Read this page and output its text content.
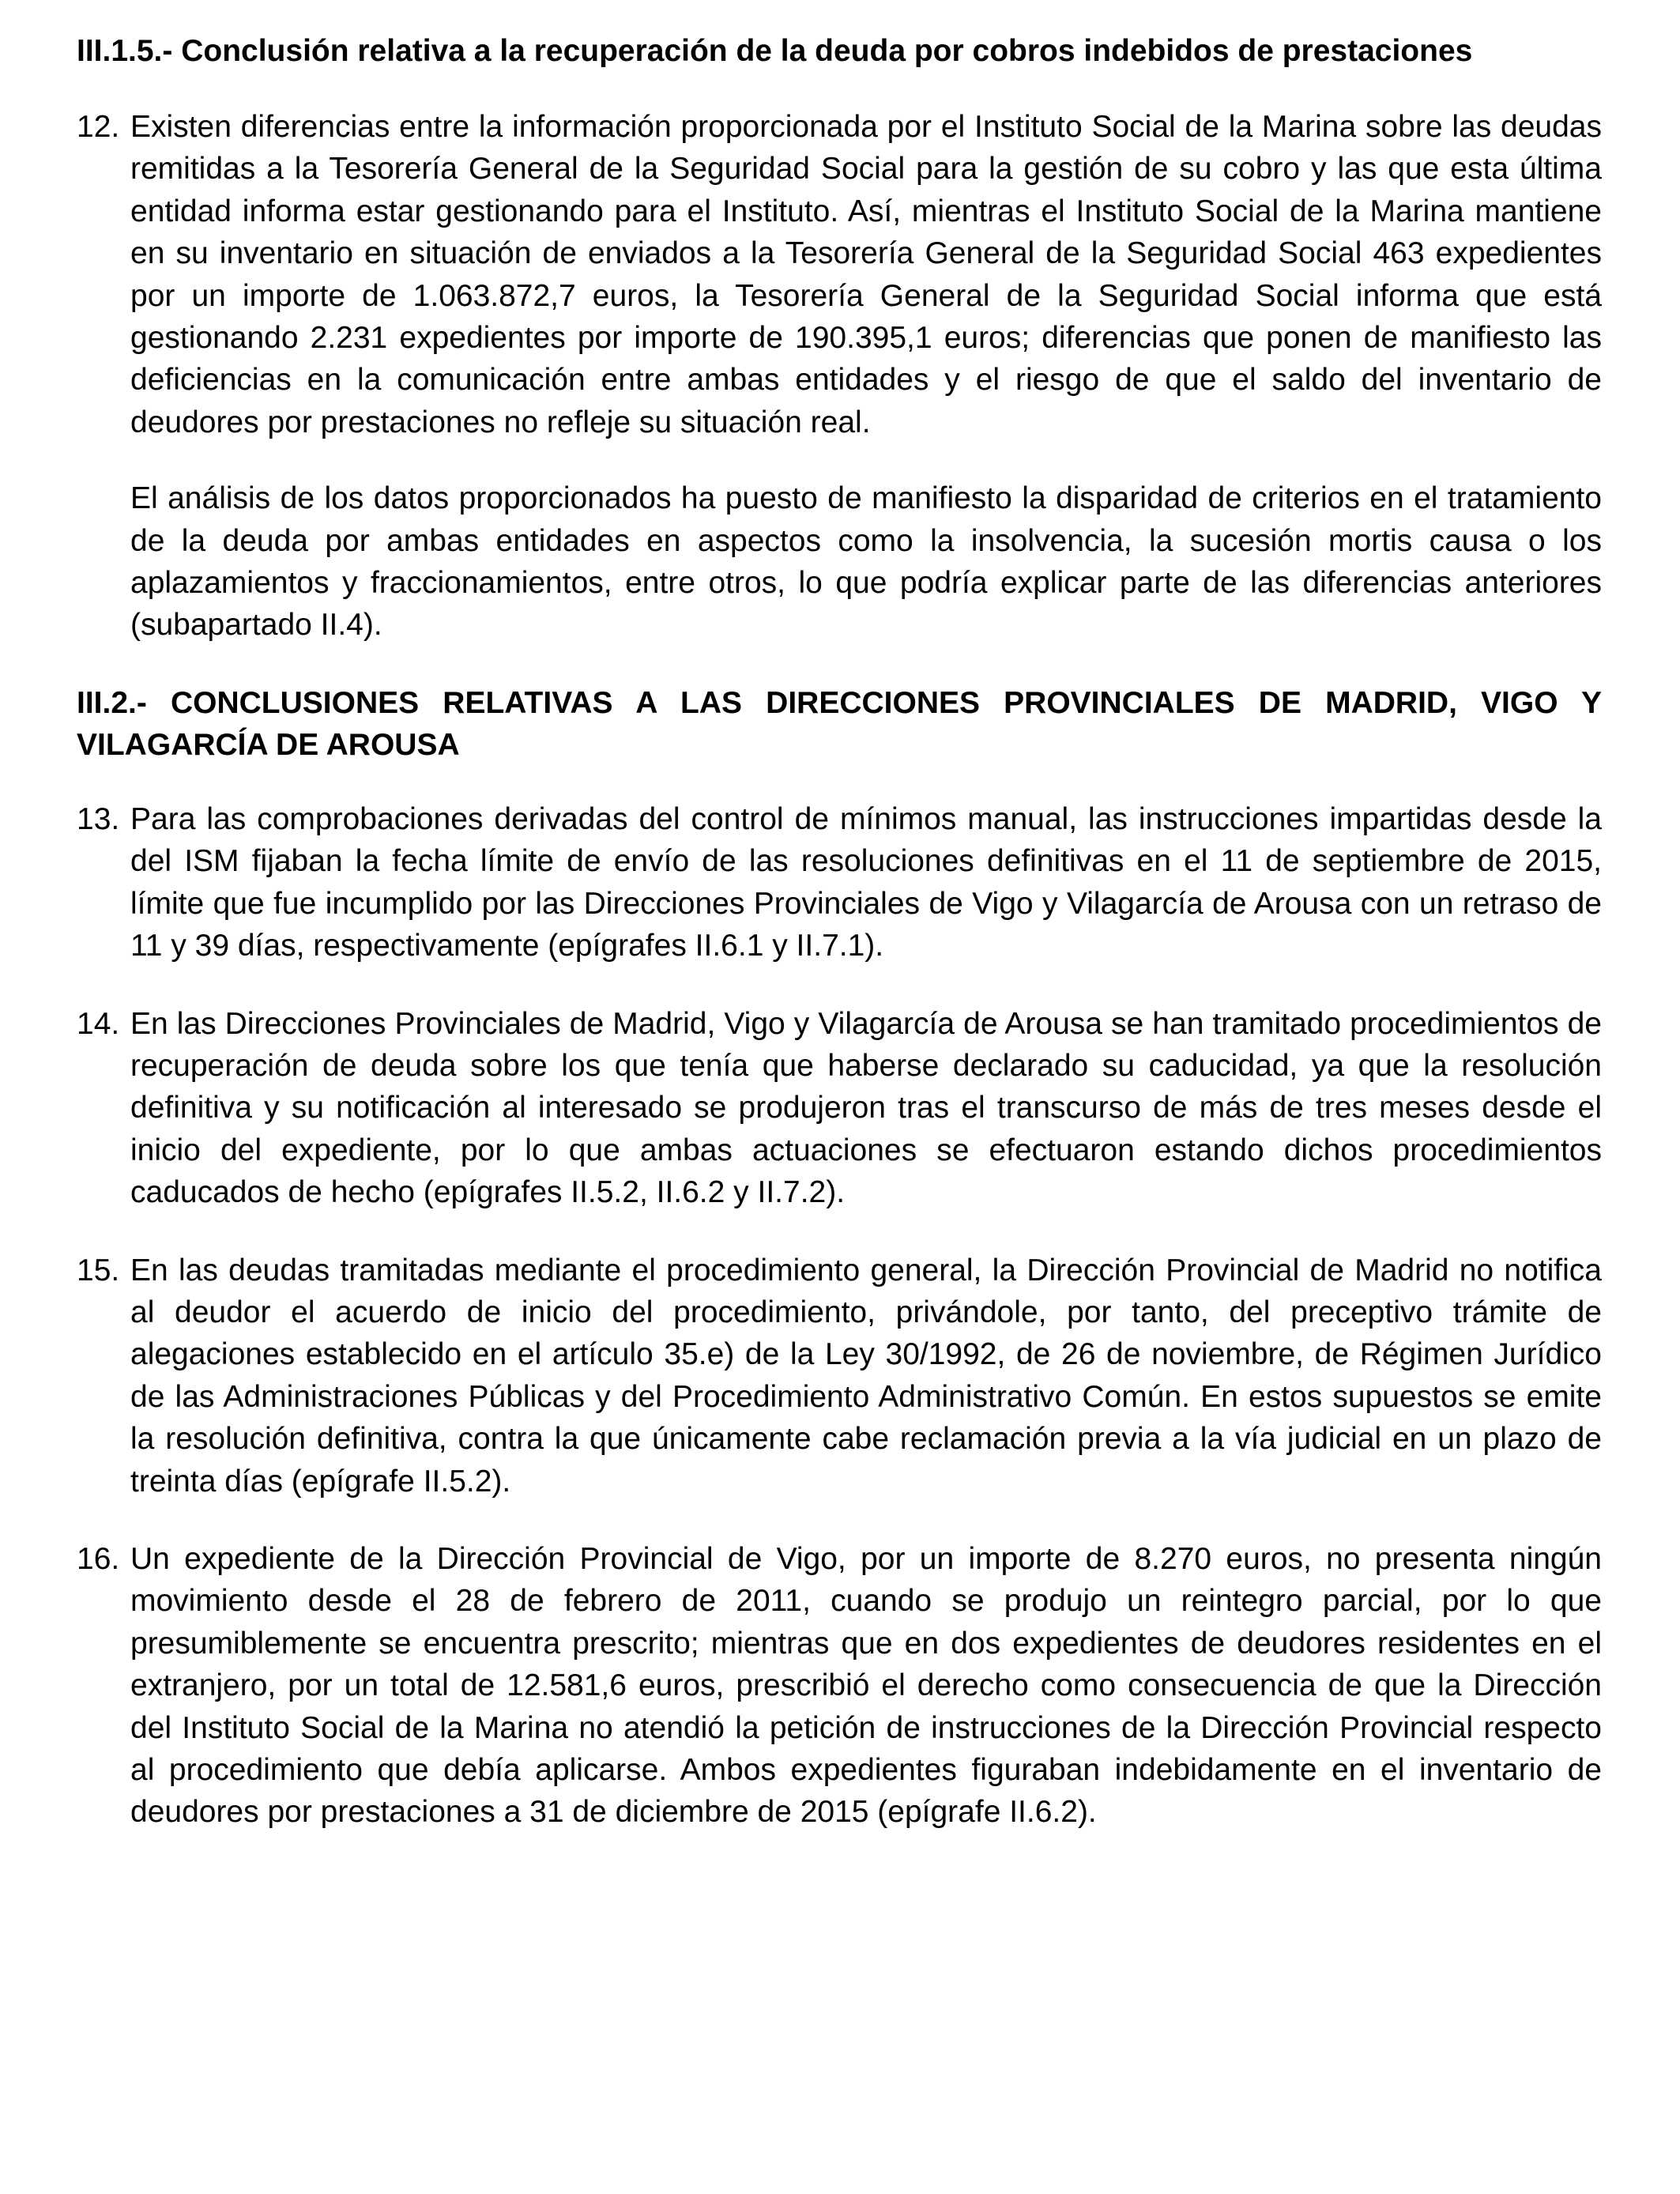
III.1.5.- Conclusión relativa a la recuperación de la deuda por cobros indebidos de prestaciones
12. Existen diferencias entre la información proporcionada por el Instituto Social de la Marina sobre las deudas remitidas a la Tesorería General de la Seguridad Social para la gestión de su cobro y las que esta última entidad informa estar gestionando para el Instituto. Así, mientras el Instituto Social de la Marina mantiene en su inventario en situación de enviados a la Tesorería General de la Seguridad Social 463 expedientes por un importe de 1.063.872,7 euros, la Tesorería General de la Seguridad Social informa que está gestionando 2.231 expedientes por importe de 190.395,1 euros; diferencias que ponen de manifiesto las deficiencias en la comunicación entre ambas entidades y el riesgo de que el saldo del inventario de deudores por prestaciones no refleje su situación real.

El análisis de los datos proporcionados ha puesto de manifiesto la disparidad de criterios en el tratamiento de la deuda por ambas entidades en aspectos como la insolvencia, la sucesión mortis causa o los aplazamientos y fraccionamientos, entre otros, lo que podría explicar parte de las diferencias anteriores (subapartado II.4).

III.2.- CONCLUSIONES RELATIVAS A LAS DIRECCIONES PROVINCIALES DE MADRID, VIGO Y VILAGARCÍA DE AROUSA
13. Para las comprobaciones derivadas del control de mínimos manual, las instrucciones impartidas desde la del ISM fijaban la fecha límite de envío de las resoluciones definitivas en el 11 de septiembre de 2015, límite que fue incumplido por las Direcciones Provinciales de Vigo y Vilagarcía de Arousa con un retraso de 11 y 39 días, respectivamente (epígrafes II.6.1 y II.7.1).

14. En las Direcciones Provinciales de Madrid, Vigo y Vilagarcía de Arousa se han tramitado procedimientos de recuperación de deuda sobre los que tenía que haberse declarado su caducidad, ya que la resolución definitiva y su notificación al interesado se produjeron tras el transcurso de más de tres meses desde el inicio del expediente, por lo que ambas actuaciones se efectuaron estando dichos procedimientos caducados de hecho (epígrafes II.5.2, II.6.2 y II.7.2).

15. En las deudas tramitadas mediante el procedimiento general, la Dirección Provincial de Madrid no notifica al deudor el acuerdo de inicio del procedimiento, privándole, por tanto, del preceptivo trámite de alegaciones establecido en el artículo 35.e) de la Ley 30/1992, de 26 de noviembre, de Régimen Jurídico de las Administraciones Públicas y del Procedimiento Administrativo Común. En estos supuestos se emite la resolución definitiva, contra la que únicamente cabe reclamación previa a la vía judicial en un plazo de treinta días (epígrafe II.5.2).

16. Un expediente de la Dirección Provincial de Vigo, por un importe de 8.270 euros, no presenta ningún movimiento desde el 28 de febrero de 2011, cuando se produjo un reintegro parcial, por lo que presumiblemente se encuentra prescrito; mientras que en dos expedientes de deudores residentes en el extranjero, por un total de 12.581,6 euros, prescribió el derecho como consecuencia de que la Dirección del Instituto Social de la Marina no atendió la petición de instrucciones de la Dirección Provincial respecto al procedimiento que debía aplicarse. Ambos expedientes figuraban indebidamente en el inventario de deudores por prestaciones a 31 de diciembre de 2015 (epígrafe II.6.2).
